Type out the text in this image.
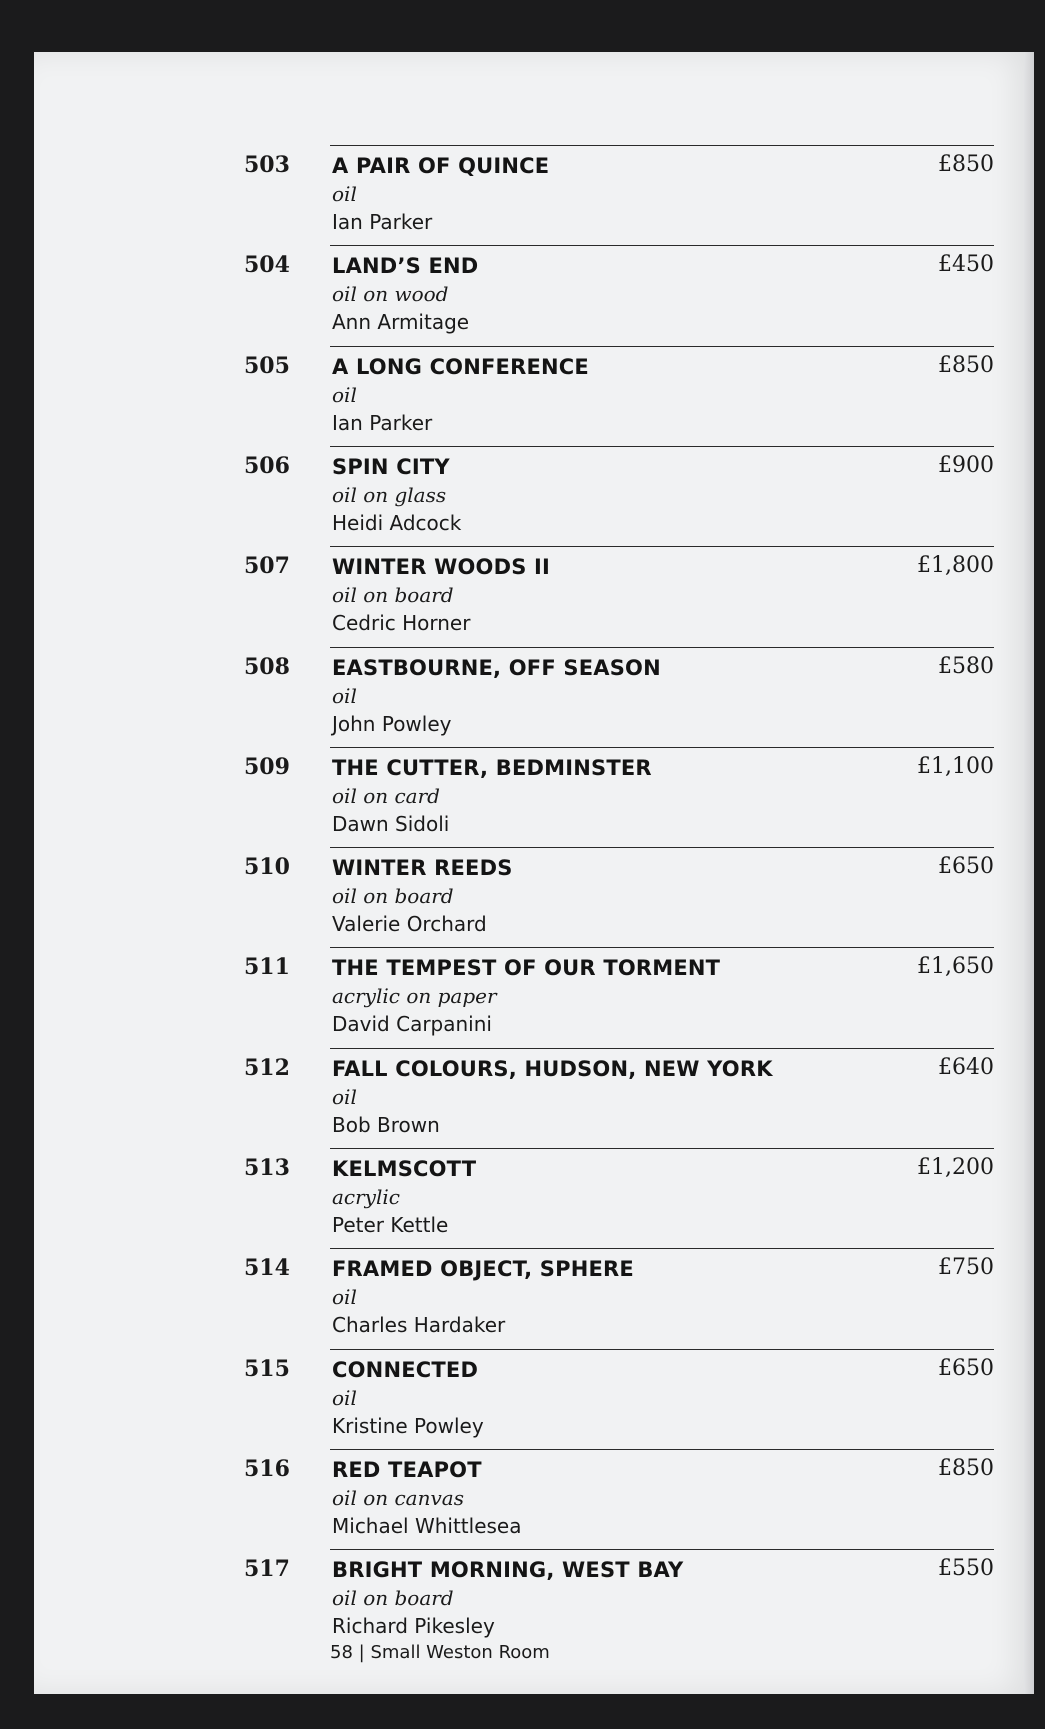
503	A PAIR OF QUINCE
oil
Ian Parker
£850
504	LAND’S END
oil on wood
Ann Armitage
£450
505	A LONG CONFERENCE
oil
Ian Parker
£850
506	SPIN CITY
oil on glass
Heidi Adcock
£900
507	WINTER WOODS II
oil on board
Cedric Horner
£1,800
508	EASTBOURNE, OFF SEASON
oil
John Powley
£580
509	THE CUTTER, BEDMINSTER
oil on card
Dawn Sidoli
£1,100
510	WINTER REEDS
oil on board
Valerie Orchard
£650
511	THE TEMPEST OF OUR TORMENT
acrylic on paper
David Carpanini
£1,650
512	FALL COLOURS, HUDSON, NEW YORK
oil
Bob Brown
£640
513	KELMSCOTT
acrylic
Peter Kettle
£1,200
514	FRAMED OBJECT, SPHERE
oil
Charles Hardaker
£750
515	CONNECTED
oil
Kristine Powley
£650
516	RED TEAPOT
oil on canvas
Michael Whittlesea
£850
517	BRIGHT MORNING, WEST BAY
oil on board
Richard Pikesley
£550
58 | Small Weston Room
